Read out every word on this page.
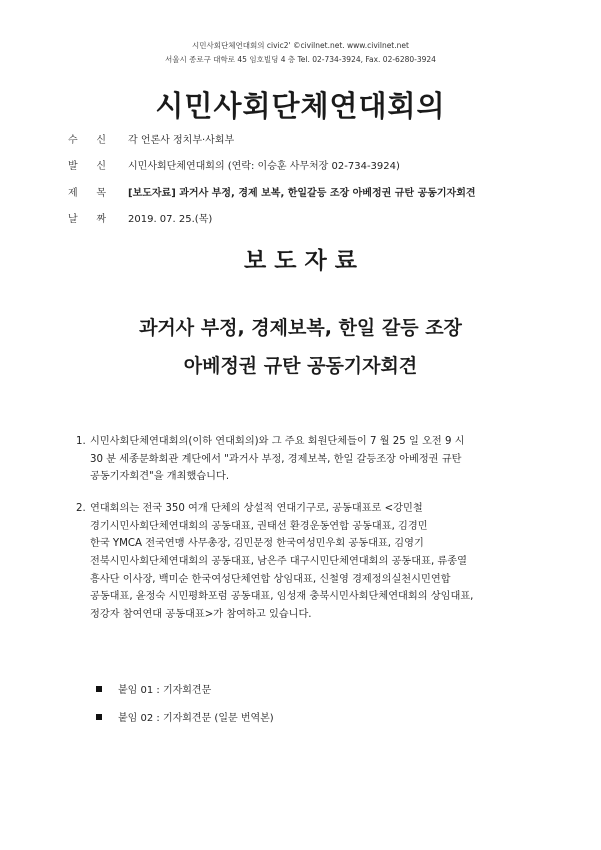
시민사회단체연대회의 civic2' ©civilnet.net. www.civilnet.net
서울시 종로구 대학로 45 임호빌딩 4 층 Tel. 02-734-3924, Fax. 02-6280-3924
시민사회단체연대회의
수 신 각 언론사 정치부·사회부
발 신 시민사회단체연대회의 (연락: 이승훈 사무처장 02-734-3924)
제 목 [보도자료] 과거사 부정, 경제 보복, 한일갈등 조장 아베정권 규탄 공동기자회견
날 짜 2019. 07. 25.(목)
보 도 자 료
과거사 부정, 경제보복, 한일 갈등 조장
아베정권 규탄 공동기자회견
1. 시민사회단체연대회의(이하 연대회의)와 그 주요 회원단체들이 7 월 25 일 오전 9 시
30 분 세종문화회관 계단에서 "과거사 부정, 경제보복, 한일 갈등조장 아베정권 규탄
공동기자회견"을 개최했습니다.
2. 연대회의는 전국 350 여개 단체의 상설적 연대기구로, 공동대표로 <강민철
경기시민사회단체연대회의 공동대표, 권태선 환경운동연합 공동대표, 김경민
한국 YMCA 전국연맹 사무총장, 김민문정 한국여성민우회 공동대표, 김영기
전북시민사회단체연대회의 공동대표, 남은주 대구시민단체연대회의 공동대표, 류종열
흥사단 이사장, 백미순 한국여성단체연합 상임대표, 신철영 경제정의실천시민연합
공동대표, 윤정숙 시민평화포럼 공동대표, 임성재 충북시민사회단체연대회의 상임대표,
정강자 참여연대 공동대표>가 참여하고 있습니다.
붙임 01 : 기자회견문
붙임 02 : 기자회견문 (일문 번역본)
